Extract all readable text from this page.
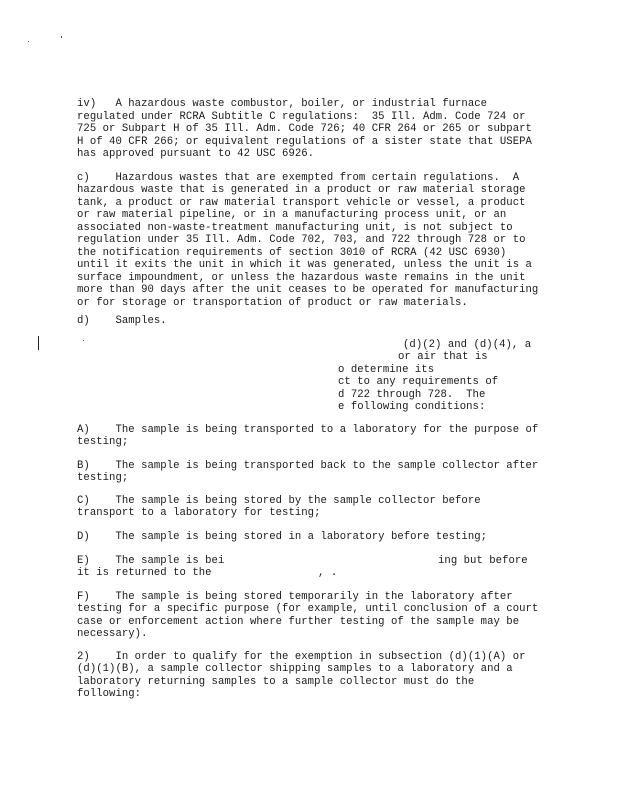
iv)   A hazardous waste combustor, boiler, or industrial furnace
regulated under RCRA Subtitle C regulations:  35 Ill. Adm. Code 724 or
725 or Subpart H of 35 Ill. Adm. Code 726; 40 CFR 264 or 265 or subpart
H of 40 CFR 266; or equivalent regulations of a sister state that USEPA
has approved pursuant to 42 USC 6926.
c)    Hazardous wastes that are exempted from certain regulations.  A
hazardous waste that is generated in a product or raw material storage
tank, a product or raw material transport vehicle or vessel, a product
or raw material pipeline, or in a manufacturing process unit, or an
associated non-waste-treatment manufacturing unit, is not subject to
regulation under 35 Ill. Adm. Code 702, 703, and 722 through 728 or to
the notification requirements of section 3010 of RCRA (42 USC 6930)
until it exits the unit in which it was generated, unless the unit is a
surface impoundment, or unless the hazardous waste remains in the unit
more than 90 days after the unit ceases to be operated for manufacturing
or for storage or transportation of product or raw materials.
d)    Samples.
(d)(2) and (d)(4), a
or air that is
o determine its
ct to any requirements of
d 722 through 728.  The
e following conditions:
A)    The sample is being transported to a laboratory for the purpose of
testing;
B)    The sample is being transported back to the sample collector after
testing;
C)    The sample is being stored by the sample collector before
transport to a laboratory for testing;
D)    The sample is being stored in a laboratory before testing;
E)    The sample is bei	ing but before
it is returned to the	, .
F)    The sample is being stored temporarily in the laboratory after
testing for a specific purpose (for example, until conclusion of a court
case or enforcement action where further testing of the sample may be
necessary).
2)    In order to qualify for the exemption in subsection (d)(1)(A) or
(d)(1)(B), a sample collector shipping samples to a laboratory and a
laboratory returning samples to a sample collector must do the
following:
